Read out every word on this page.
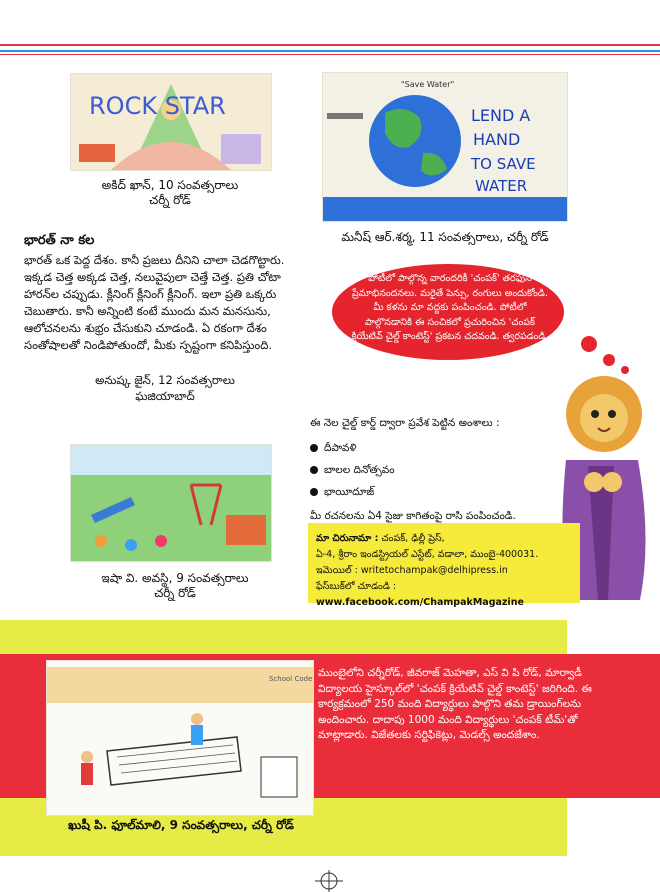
ROCK STAR
అకిద్ ఖాన్, 10 సంవత్సరాలు
చర్నీ రోడ్
"Save Water"
LEND A
HAND
TO SAVE
WATER
మనీష్ ఆర్.శర్మ, 11 సంవత్సరాలు, చర్నీ రోడ్
భారత్ నా కల

భారత్ ఒక పెద్ద దేశం. కానీ ప్రజలు దీనిని చాలా చెడగొట్టారు. ఇక్కడ చెత్త అక్కడ చెత్త, నలువైపులా చెత్తే చెత్త. ప్రతి చోటా హారన్‌ల చప్పుడు. క్లీనింగ్ క్లీనింగ్ క్లీనింగ్. ఇలా ప్రతి ఒక్కరు చెబుతారు. కానీ అన్నింటి కంటే ముందు మన మనసును, ఆలోచనలను శుభ్రం చేసుకుని చూడండి. ఏ రకంగా దేశం సంతోషాలతో నిండిపోతుందో, మీకు స్పష్టంగా కనిపిస్తుంది.

అనుష్క జైన్, 12 సంవత్సరాలు
ఘజియాబాద్
ఇషా వి. అవస్థి, 9 సంవత్సరాలు
చర్నీ రోడ్
పోటీలో పాల్గొన్న వారందరికీ 'చంపక్' తరఫున ప్రేమాభినందనలు. మరైతే పెన్సు, రంగులు అందుకోండి. మీ కళను మా వద్దకు పంపించండి. పోటీలో పాల్గొనడానికి ఈ సంచికలో ప్రచురించిన 'చంపక్ క్రియేటివ్ చైల్డ్ కాంటెస్ట్' ప్రకటన చదవండి. త్వరపడండి.
ఈ నెల చైల్డ్ కార్డ్ ద్వారా ప్రవేశ పెట్టిన అంశాలు :
దీపావళి
బాలల దినోత్సవం
భాయీదూజ్
మీ రచనలను ఏ4 సైజు కాగితంపై రాసి పంపించండి.
మా చిరునామా : చంపక్, ఢిల్లీ ప్రెస్,
ఏ-4, శ్రీరాం ఇండస్ట్రియల్ ఎస్టేట్, వడాలా, ముంబై-400031.
ఇమెయిల్ : writetochampak@delhipress.in
ఫేస్‌బుక్‌లో చూడండి : www.facebook.com/ChampakMagazine
School Code
ఖుషీ పి. ఫూల్‌మాలి, 9 సంవత్సరాలు, చర్నీ రోడ్
ముంబైలోని చర్నీరోడ్, జీవరాజ్ మెహతా, ఎస్ వి పి రోడ్, మార్వాడీ విద్యాలయ హైస్కూల్‌లో 'చంపక్ క్రియేటివ్ చైల్డ్ కాంటెస్ట్' జరిగింది. ఈ కార్యక్రమంలో 250 మంది విద్యార్థులు పాల్గొని తమ డ్రాయింగ్‌లను అందించారు. దాదాపు 1000 మంది విద్యార్థులు 'చంపక్ టీమ్'తో మాట్లాడారు. విజేతలకు సర్టిఫికెట్లు, మెడల్స్ అందజేశాం.
